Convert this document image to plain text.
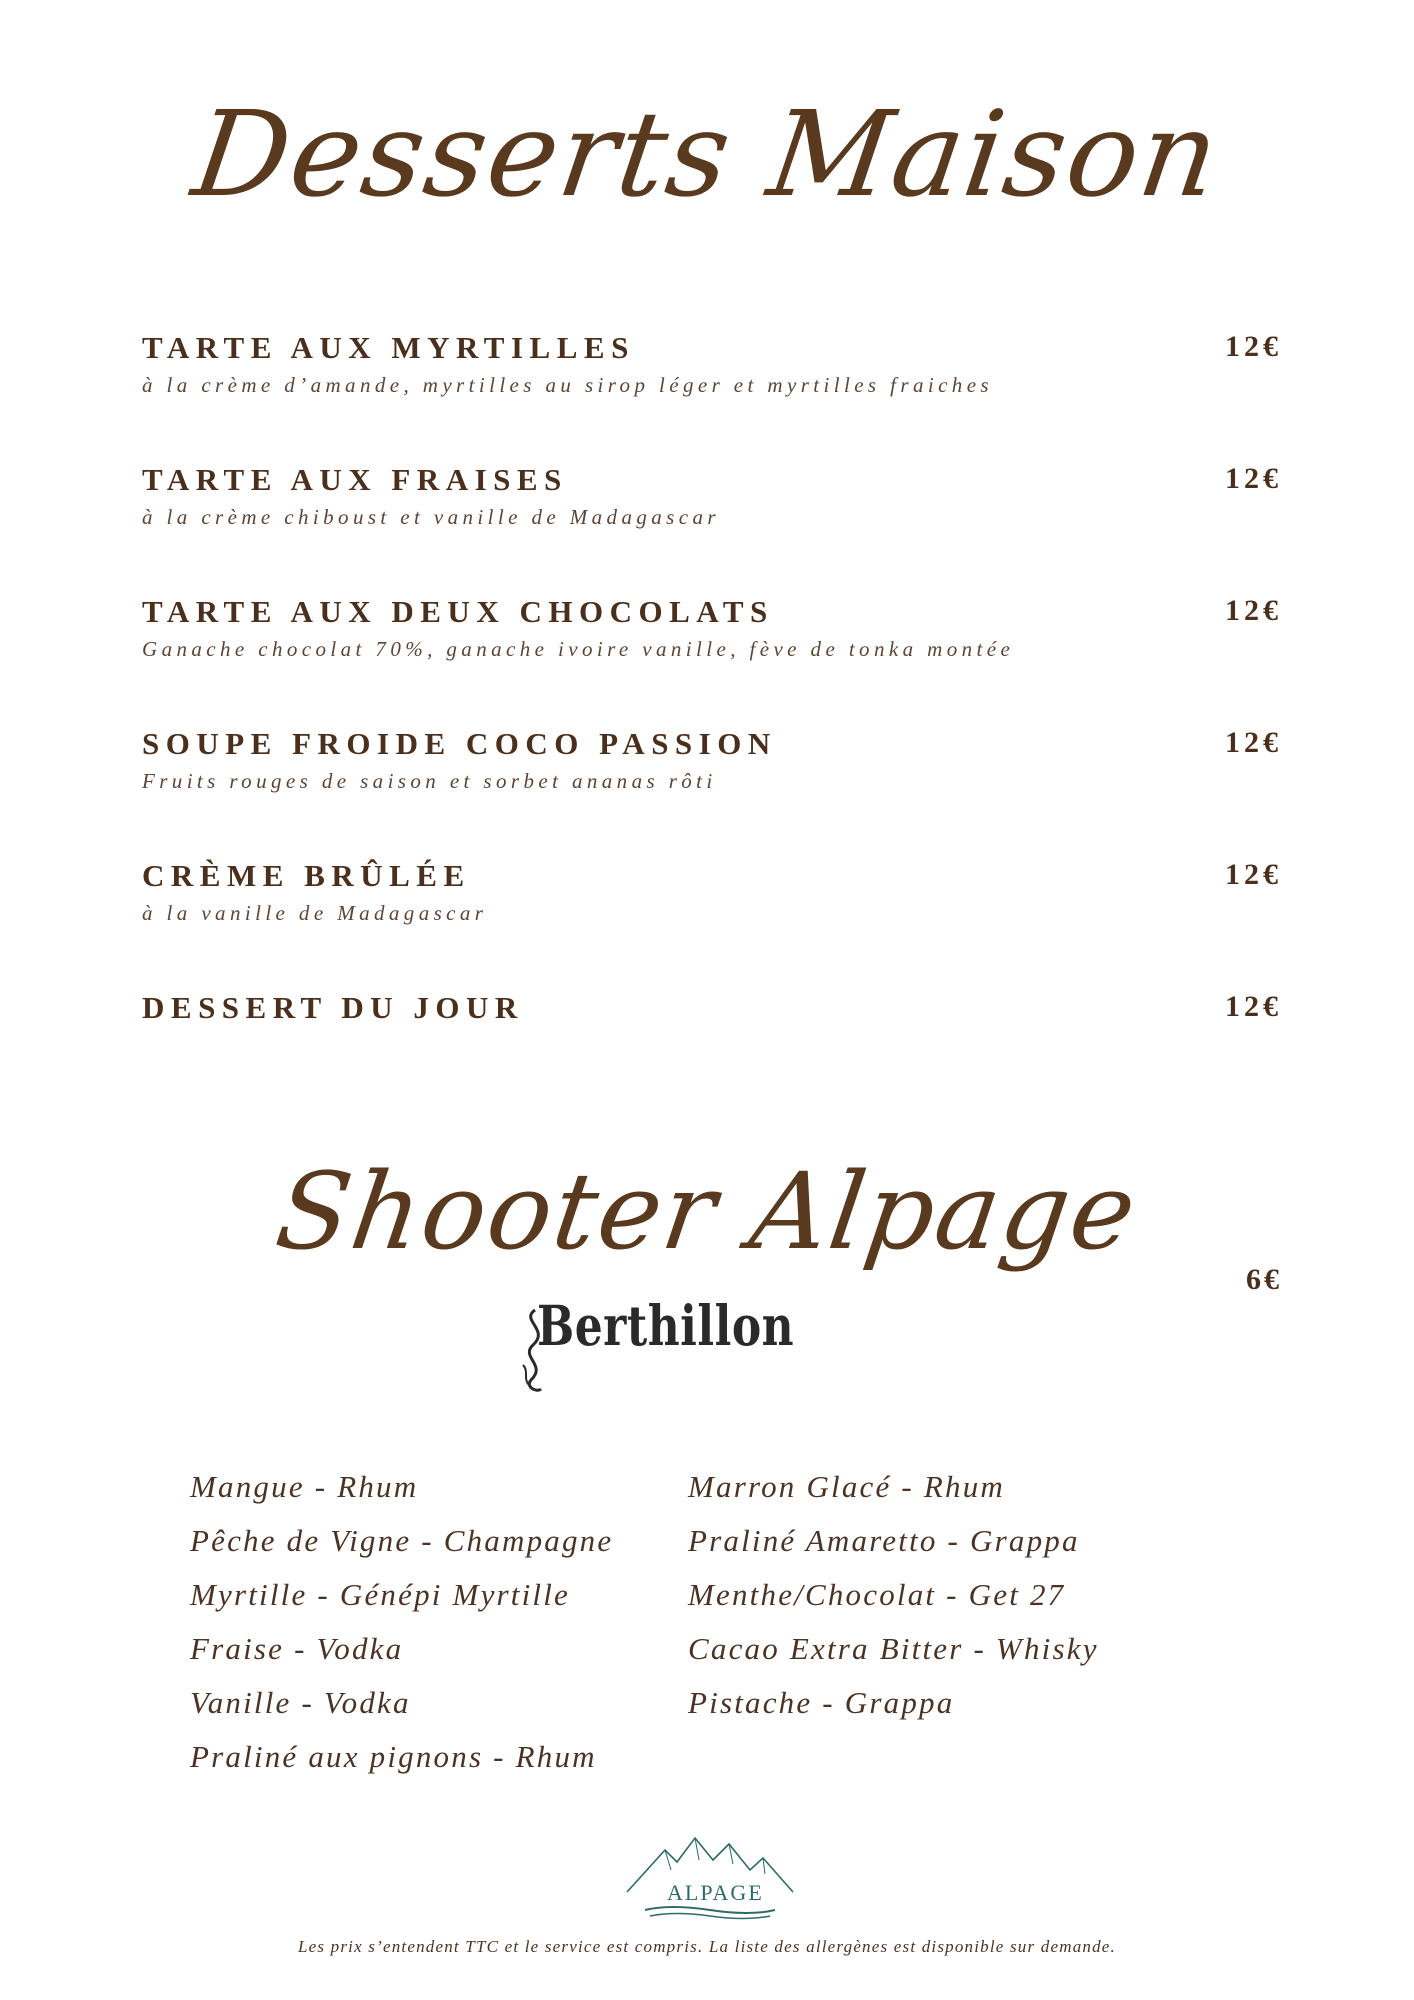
Desserts Maison
TARTE AUX MYRTILLES
à la crème d’amande, myrtilles au sirop léger et myrtilles fraiches
12€
TARTE AUX FRAISES
à la crème chiboust et vanille de Madagascar
12€
TARTE AUX DEUX CHOCOLATS
Ganache chocolat 70%, ganache ivoire vanille, fève de tonka montée
12€
SOUPE FROIDE COCO PASSION
Fruits rouges de saison et sorbet ananas rôti
12€
CRÈME BRÛLÉE
à la vanille de Madagascar
12€
DESSERT DU JOUR	12€
Shooter Alpage
6€
Berthillon
Mangue - Rhum
Pêche de Vigne - Champagne
Myrtille - Génépi Myrtille
Fraise - Vodka
Vanille - Vodka
Praliné aux pignons - Rhum
Marron Glacé - Rhum
Praliné Amaretto - Grappa
Menthe/Chocolat - Get 27
Cacao Extra Bitter - Whisky
Pistache - Grappa
ALPAGE
Les prix s’entendent TTC et le service est compris. La liste des allergènes est disponible sur demande.
